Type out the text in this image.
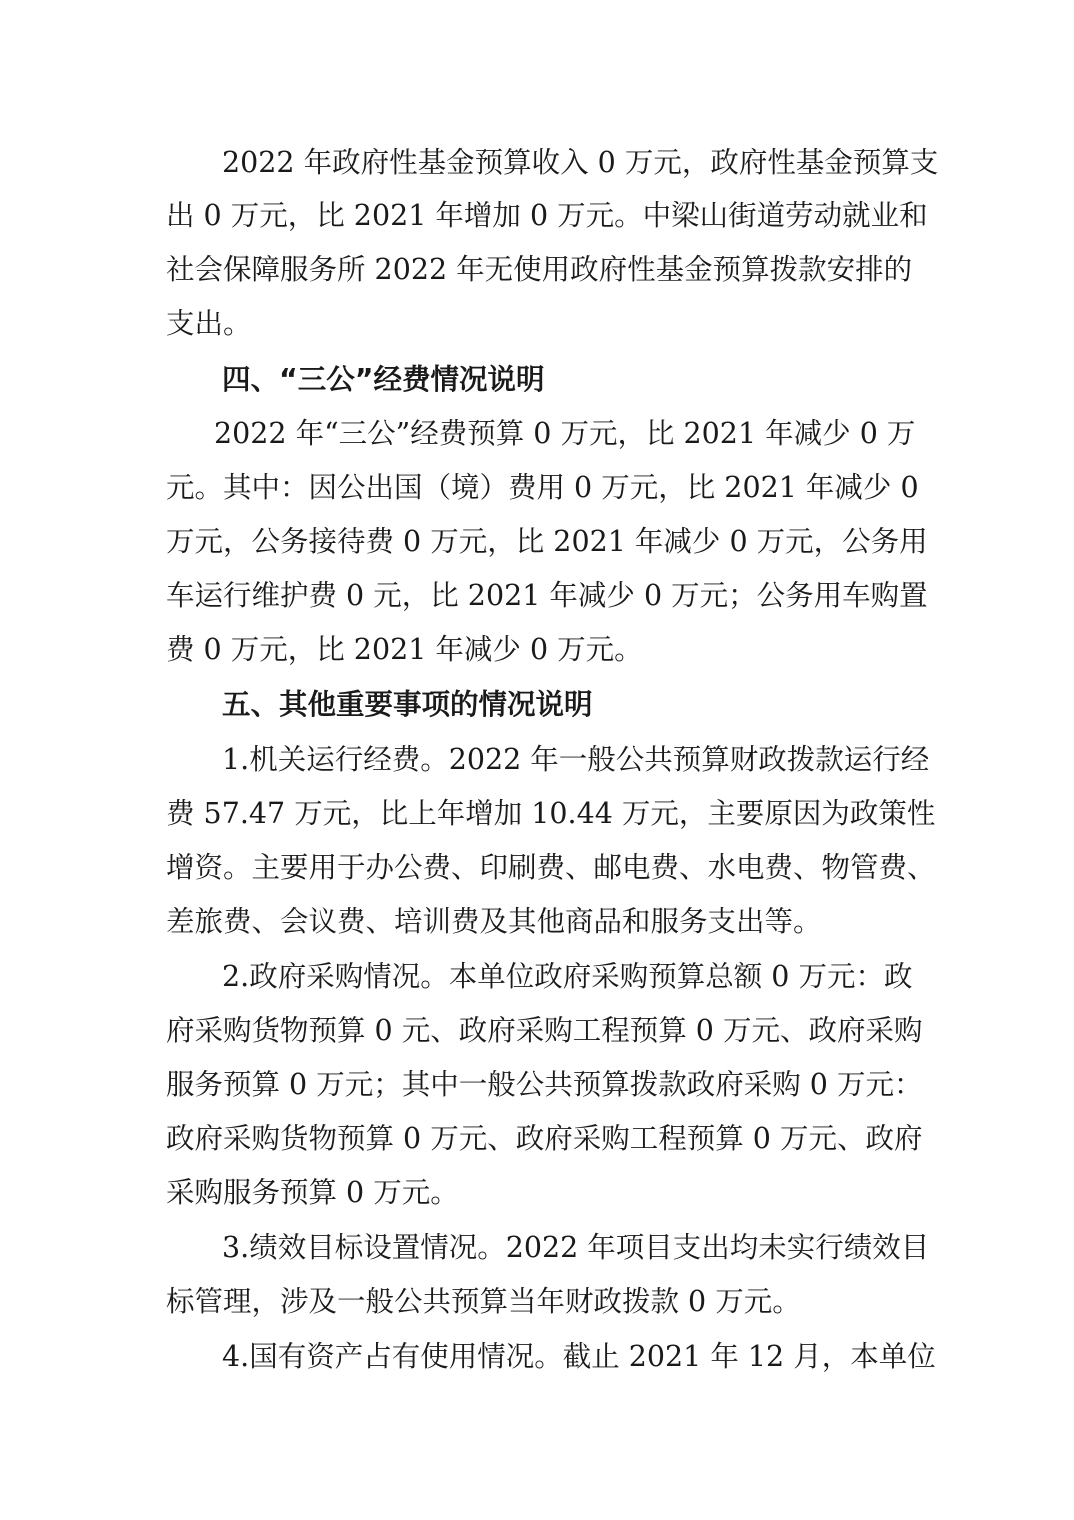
2022 年政府性基金预算收入 0 万元，政府性基金预算支
出 0 万元，比 2021 年增加 0 万元。中梁山街道劳动就业和
社会保障服务所 2022 年无使用政府性基金预算拨款安排的
支出。
四、“三公”经费情况说明
2022 年“三公”经费预算 0 万元，比 2021 年减少 0 万
元。其中：因公出国（境）费用 0 万元，比 2021 年减少 0
万元，公务接待费 0 万元，比 2021 年减少 0 万元，公务用
车运行维护费 0 元，比 2021 年减少 0 万元；公务用车购置
费 0 万元，比 2021 年减少 0 万元。
五、其他重要事项的情况说明
1.机关运行经费。2022 年一般公共预算财政拨款运行经
费 57.47 万元，比上年增加 10.44 万元，主要原因为政策性
增资。主要用于办公费、印刷费、邮电费、水电费、物管费、
差旅费、会议费、培训费及其他商品和服务支出等。
2.政府采购情况。本单位政府采购预算总额 0 万元：政
府采购货物预算 0 元、政府采购工程预算 0 万元、政府采购
服务预算 0 万元；其中一般公共预算拨款政府采购 0 万元：
政府采购货物预算 0 万元、政府采购工程预算 0 万元、政府
采购服务预算 0 万元。
3.绩效目标设置情况。2022 年项目支出均未实行绩效目
标管理，涉及一般公共预算当年财政拨款 0 万元。
4.国有资产占有使用情况。截止 2021 年 12 月，本单位
